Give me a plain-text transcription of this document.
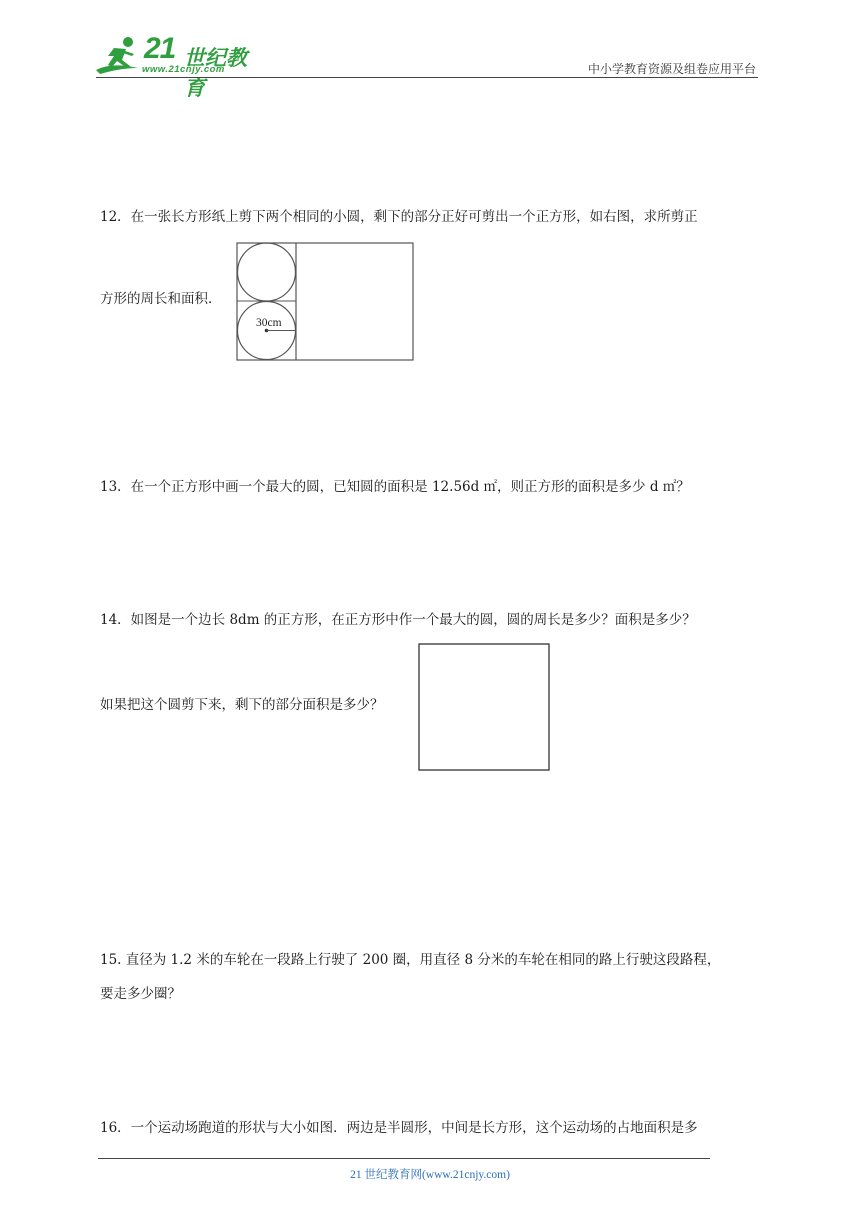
21 世纪教育
www.21cnjy.com	中小学教育资源及组卷应用平台
12．在一张长方形纸上剪下两个相同的小圆，剩下的部分正好可剪出一个正方形，如右图，求所剪正
方形的周长和面积．
30cm
13．在一个正方形中画一个最大的圆，已知圆的面积是 12.56d ㎡，则正方形的面积是多少 d ㎡？
14．如图是一个边长 8dm 的正方形，在正方形中作一个最大的圆，圆的周长是多少？面积是多少？
如果把这个圆剪下来，剩下的部分面积是多少？
15. 直径为 1.2 米的车轮在一段路上行驶了 200 圈，用直径 8 分米的车轮在相同的路上行驶这段路程，
要走多少圈？
16．一个运动场跑道的形状与大小如图．两边是半圆形，中间是长方形，这个运动场的占地面积是多
21 世纪教育网(www.21cnjy.com)
